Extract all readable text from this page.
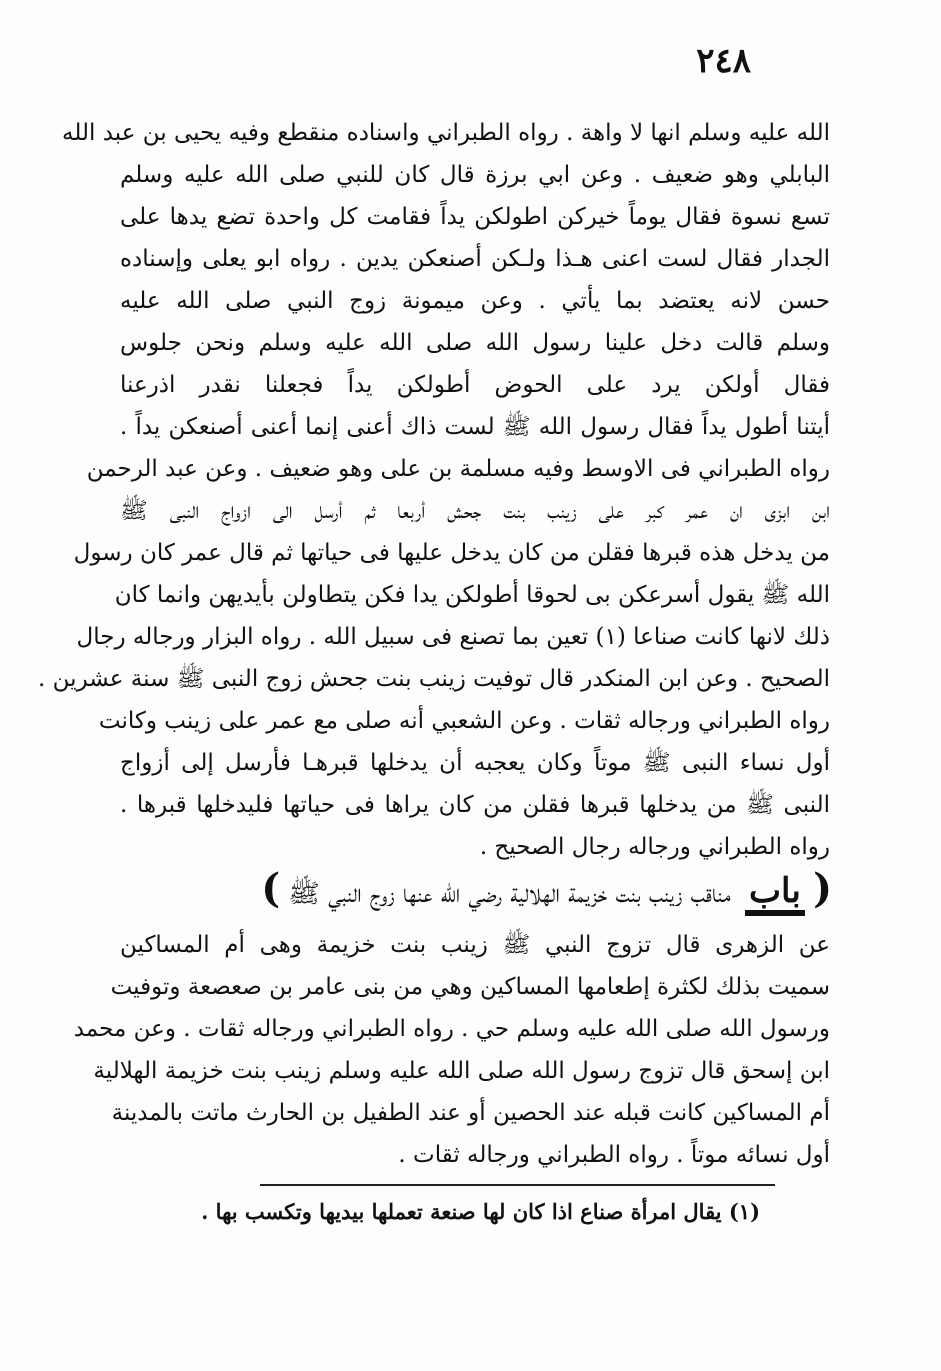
٢٤٨
الله عليه وسلم انها لا واهة . رواه الطبراني واسناده منقطع وفيه يحيى بن عبد الله
البابلي وهو ضعيف . وعن ابي برزة قال كان للنبي صلى الله عليه وسلم
تسع نسوة فقال يوماً خيركن اطولكن يداً فقامت كل واحدة تضع يدها على
الجدار فقال لست اعنى هـذا ولـكن أصنعكن يدين . رواه ابو يعلى وإسناده
حسن لانه يعتضد بما يأتي . وعن ميمونة زوج النبي صلى الله عليه
وسلم قالت دخل علينا رسول الله صلى الله عليه وسلم ونحن جلوس
فقال أولكن يرد على الحوض أطولكن يداً فجعلنا نقدر اذرعنا
أيتنا أطول يداً فقال رسول الله ﷺ لست ذاك أعنى إنما أعنى أصنعكن يداً .
رواه الطبراني فى الاوسط وفيه مسلمة بن على وهو ضعيف . وعن عبد الرحمن
ابن ابزى ان عمر كبر على زينب بنت جحش أربعا ثم أرسل الى ازواج النبى ﷺ
من يدخل هذه قبرها فقلن من كان يدخل عليها فى حياتها ثم قال عمر كان رسول
الله ﷺ يقول أسرعكن بى لحوقا أطولكن يدا فكن يتطاولن بأيديهن وانما كان
ذلك لانها كانت صناعا (١) تعين بما تصنع فى سبيل الله . رواه البزار ورجاله رجال
الصحيح . وعن ابن المنكدر قال توفيت زينب بنت جحش زوج النبى ﷺ سنة عشرين .
رواه الطبراني ورجاله ثقات . وعن الشعبي أنه صلى مع عمر على زينب وكانت
أول نساء النبى ﷺ موتاً وكان يعجبه أن يدخلها قبرهـا فأرسل إلى أزواج
النبى ﷺ من يدخلها قبرها فقلن من كان يراها فى حياتها فليدخلها قبرها .
رواه الطبراني ورجاله رجال الصحيح .
( باب مناقب زينب بنت خزيمة الهلالية رضي الله عنها زوج النبي ﷺ )
عن الزهرى قال تزوج النبي ﷺ زينب بنت خزيمة وهى أم المساكين
سميت بذلك لكثرة إطعامها المساكين وهي من بنى عامر بن صعصعة وتوفيت
ورسول الله صلى الله عليه وسلم حي . رواه الطبراني ورجاله ثقات . وعن محمد
ابن إسحق قال تزوج رسول الله صلى الله عليه وسلم زينب بنت خزيمة الهلالية
أم المساكين كانت قبله عند الحصين أو عند الطفيل بن الحارث ماتت بالمدينة
أول نسائه موتاً . رواه الطبراني ورجاله ثقات .
(١) يقال امرأة صناع اذا كان لها صنعة تعملها بيديها وتكسب بها .
